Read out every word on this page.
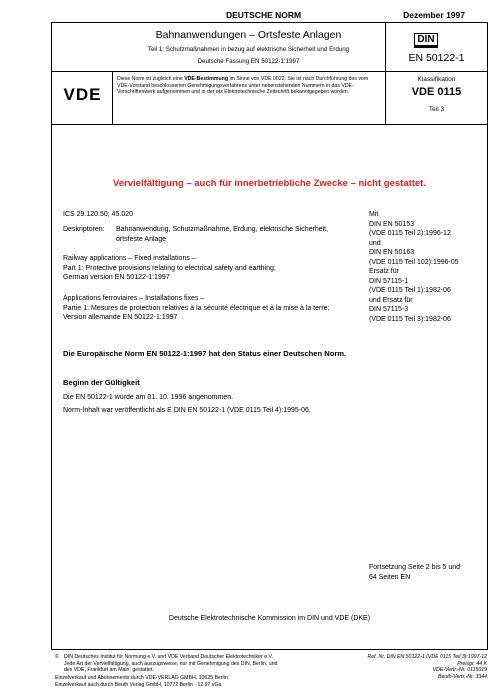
DEUTSCHE NORM	Dezember 1997
Bahnanwendungen – Ortsfeste Anlagen
Teil 1: Schutzmaßnahmen in bezug auf elektrische Sicherheit und Erdung
Deutsche Fassung EN 50122-1:1997
DIN
EN 50122-1
VDE
Diese Norm ist zugleich eine VDE-Bestimmung im Sinne von VDE 0022. Sie ist nach Durchführung des vom VDE-Vorstand beschlossenen Genehmigungsverfahrens unter nebenstehenden Nummern in das VDE-Vorschriftenwerk aufgenommen und in der etz Elektrotechnische Zeitschrift bekanntgegeben worden.
Klassifikation
VDE 0115
Teil 3
Vervielfältigung – auch für innerbetriebliche Zwecke – nicht gestattet.
ICS 29.120.50; 45.020
Deskriptoren: Bahnanwendung, Schutzmaßnahme, Erdung, elektrische Sicherheit, ortsfeste Anlage
Railway applications – Fixed installations –
Part 1: Protective provisions relating to electrical safety and earthing;
German version EN 50122-1:1997
Applications ferroviaires – Installations fixes –
Partie 1: Mesures de protection relatives à la sécurité électrique et à la mise à la terre;
Version allemande EN 50122-1:1997
Mit
DIN EN 50153
(VDE 0115 Teil 2):1996-12
und
DIN EN 50163
(VDE 0115 Teil 102):1996-05
Ersatz für
DIN 57115-1
(VDE 0115 Teil 1):1982-06
und Ersatz für
DIN 57115-3
(VDE 0115 Teil 3):1982-06
Die Europäische Norm EN 50122-1:1997 hat den Status einer Deutschen Norm.
Beginn der Gültigkeit
Die EN 50122-1 wurde am 01. 10. 1996 angenommen.
Norm-Inhalt war veröffentlicht als E DIN EN 50122-1 (VDE 0115 Teil 4):1995-06.
Fortsetzung Seite 2 bis 5 und
64 Seiten EN
Deutsche Elektrotechnische Kommission im DIN und VDE (DKE)
© DIN Deutsches Institut für Normung e.V. und VDE Verband Deutscher Elektrotechniker e.V.
Jede Art der Vervielfältigung, auch auszugsweise, nur mit Genehmigung des DIN, Berlin, und
des VDE, Frankfurt am Main, gestattet.
Einzelverkauf und Abonnements durch VDE-VERLAG GMBH, 10625 Berlin
Einzelverkauf auch durch Beuth Verlag GmbH, 10772 Berlin · 12.97 vGa
Ref. Nr. DIN EN 50122-1 (VDE 0115 Teil 3):1997-12
Preisgr. 44 K
VDE-Vertr.-Nr. 0115019
Beuth-Vertr.-Nr. 3344
